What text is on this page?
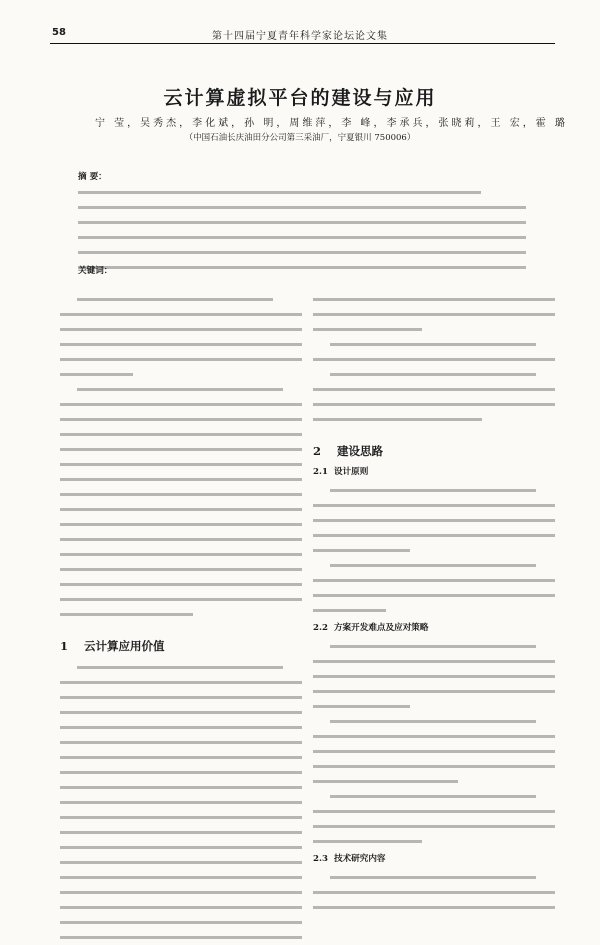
58	第十四届宁夏青年科学家论坛论文集
云计算虚拟平台的建设与应用
宁 莹，吴秀杰，李化斌，孙 明，周维萍，李 峰，李承兵，张晓莉，王 宏，霍 璐
（中国石油长庆油田分公司第三采油厂，宁夏银川 750006）
摘 要：
关键词：
1 云计算应用价值
2 建设思路
2.1 设计原则
2.2 方案开发难点及应对策略
2.3 技术研究内容
